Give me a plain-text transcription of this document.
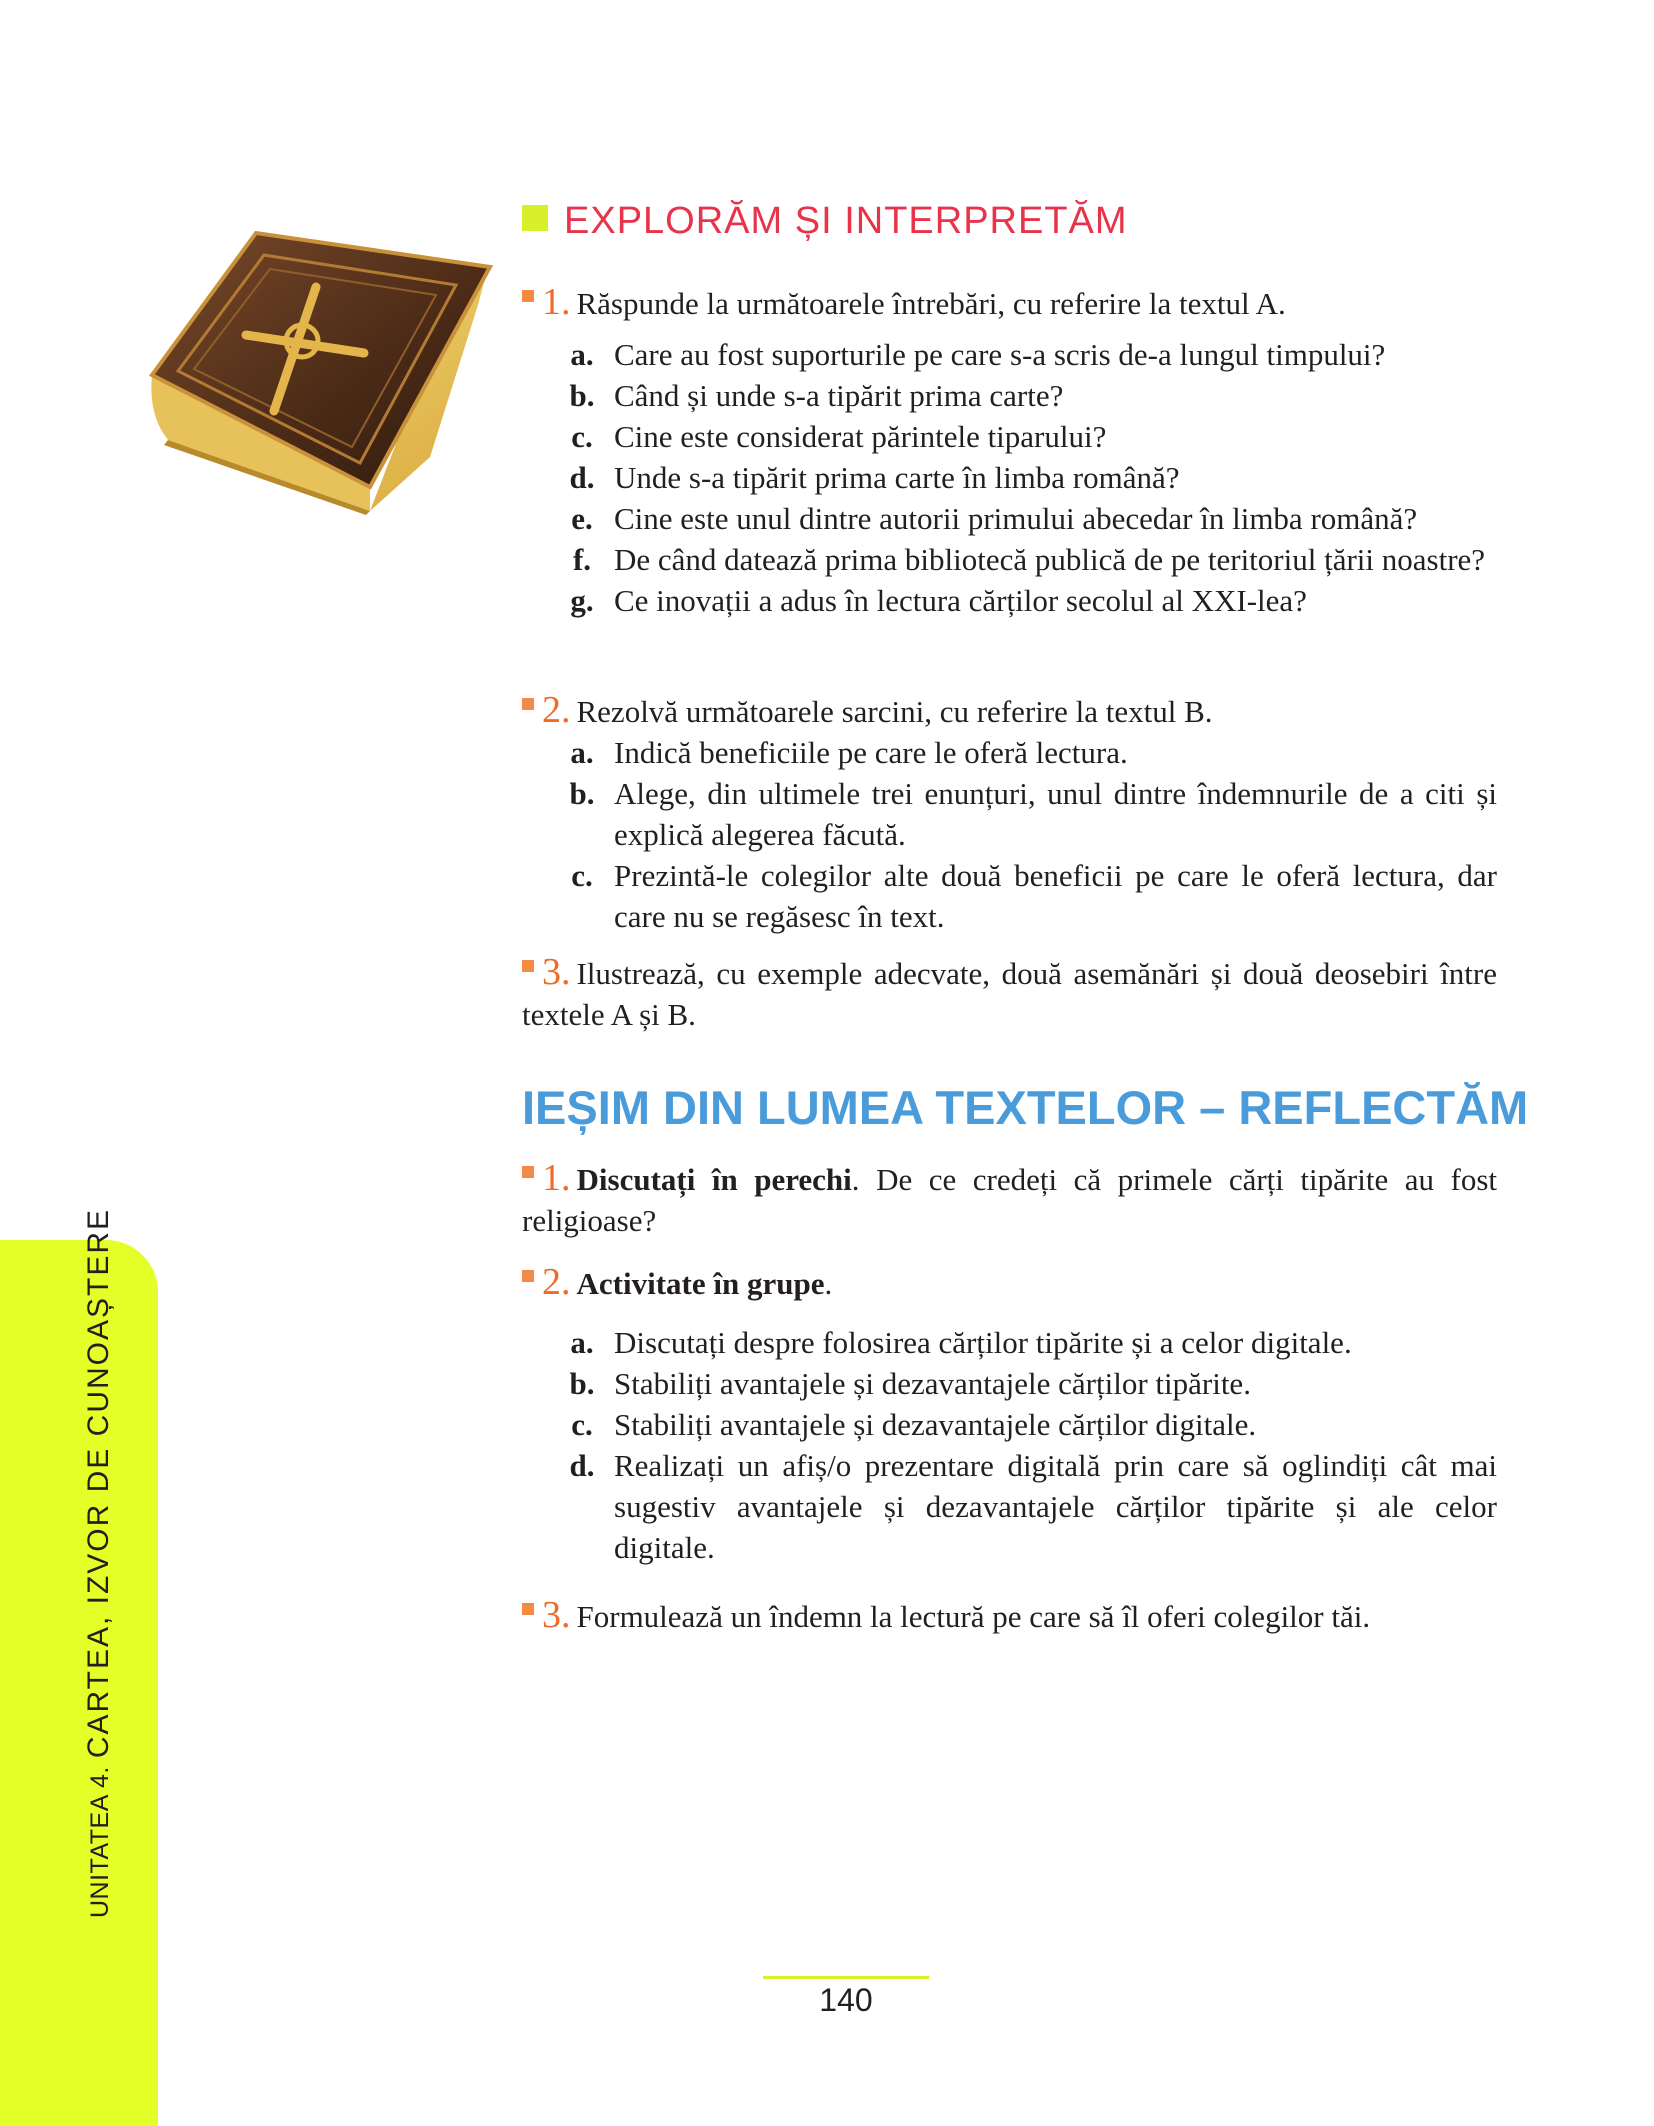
UNITATEA 4.CARTEA, IZVOR DE CUNOAȘTERE
EXPLORĂM ȘI INTERPRETĂM
1. Răspunde la următoarele întrebări, cu referire la textul A.
a. Care au fost suporturile pe care s-a scris de-a lungul timpului?
b. Când și unde s-a tipărit prima carte?
c. Cine este considerat părintele tiparului?
d. Unde s-a tipărit prima carte în limba română?
e. Cine este unul dintre autorii primului abecedar în limba română?
f. De când datează prima bibliotecă publică de pe teritoriul țării noastre?
g. Ce inovații a adus în lectura cărților secolul al XXI-lea?
2. Rezolvă următoarele sarcini, cu referire la textul B.
a. Indică beneficiile pe care le oferă lectura.
b. Alege, din ultimele trei enunțuri, unul dintre îndemnurile de a citi și explică alegerea făcută.
c. Prezintă-le colegilor alte două beneficii pe care le oferă lectura, dar care nu se regăsesc în text.
3. Ilustrează, cu exemple adecvate, două asemănări și două deosebiri între textele A și B.
IEȘIM DIN LUMEA TEXTELOR – REFLECTĂM
1. Discutați în perechi. De ce credeți că primele cărți tipărite au fost religioase?
2. Activitate în grupe.
a. Discutați despre folosirea cărților tipărite și a celor digitale.
b. Stabiliți avantajele și dezavantajele cărților tipărite.
c. Stabiliți avantajele și dezavantajele cărților digitale.
d. Realizați un afiș/o prezentare digitală prin care să oglindiți cât mai sugestiv avantajele și dezavantajele cărților tipărite și ale celor digitale.
3. Formulează un îndemn la lectură pe care să îl oferi colegilor tăi.
140
